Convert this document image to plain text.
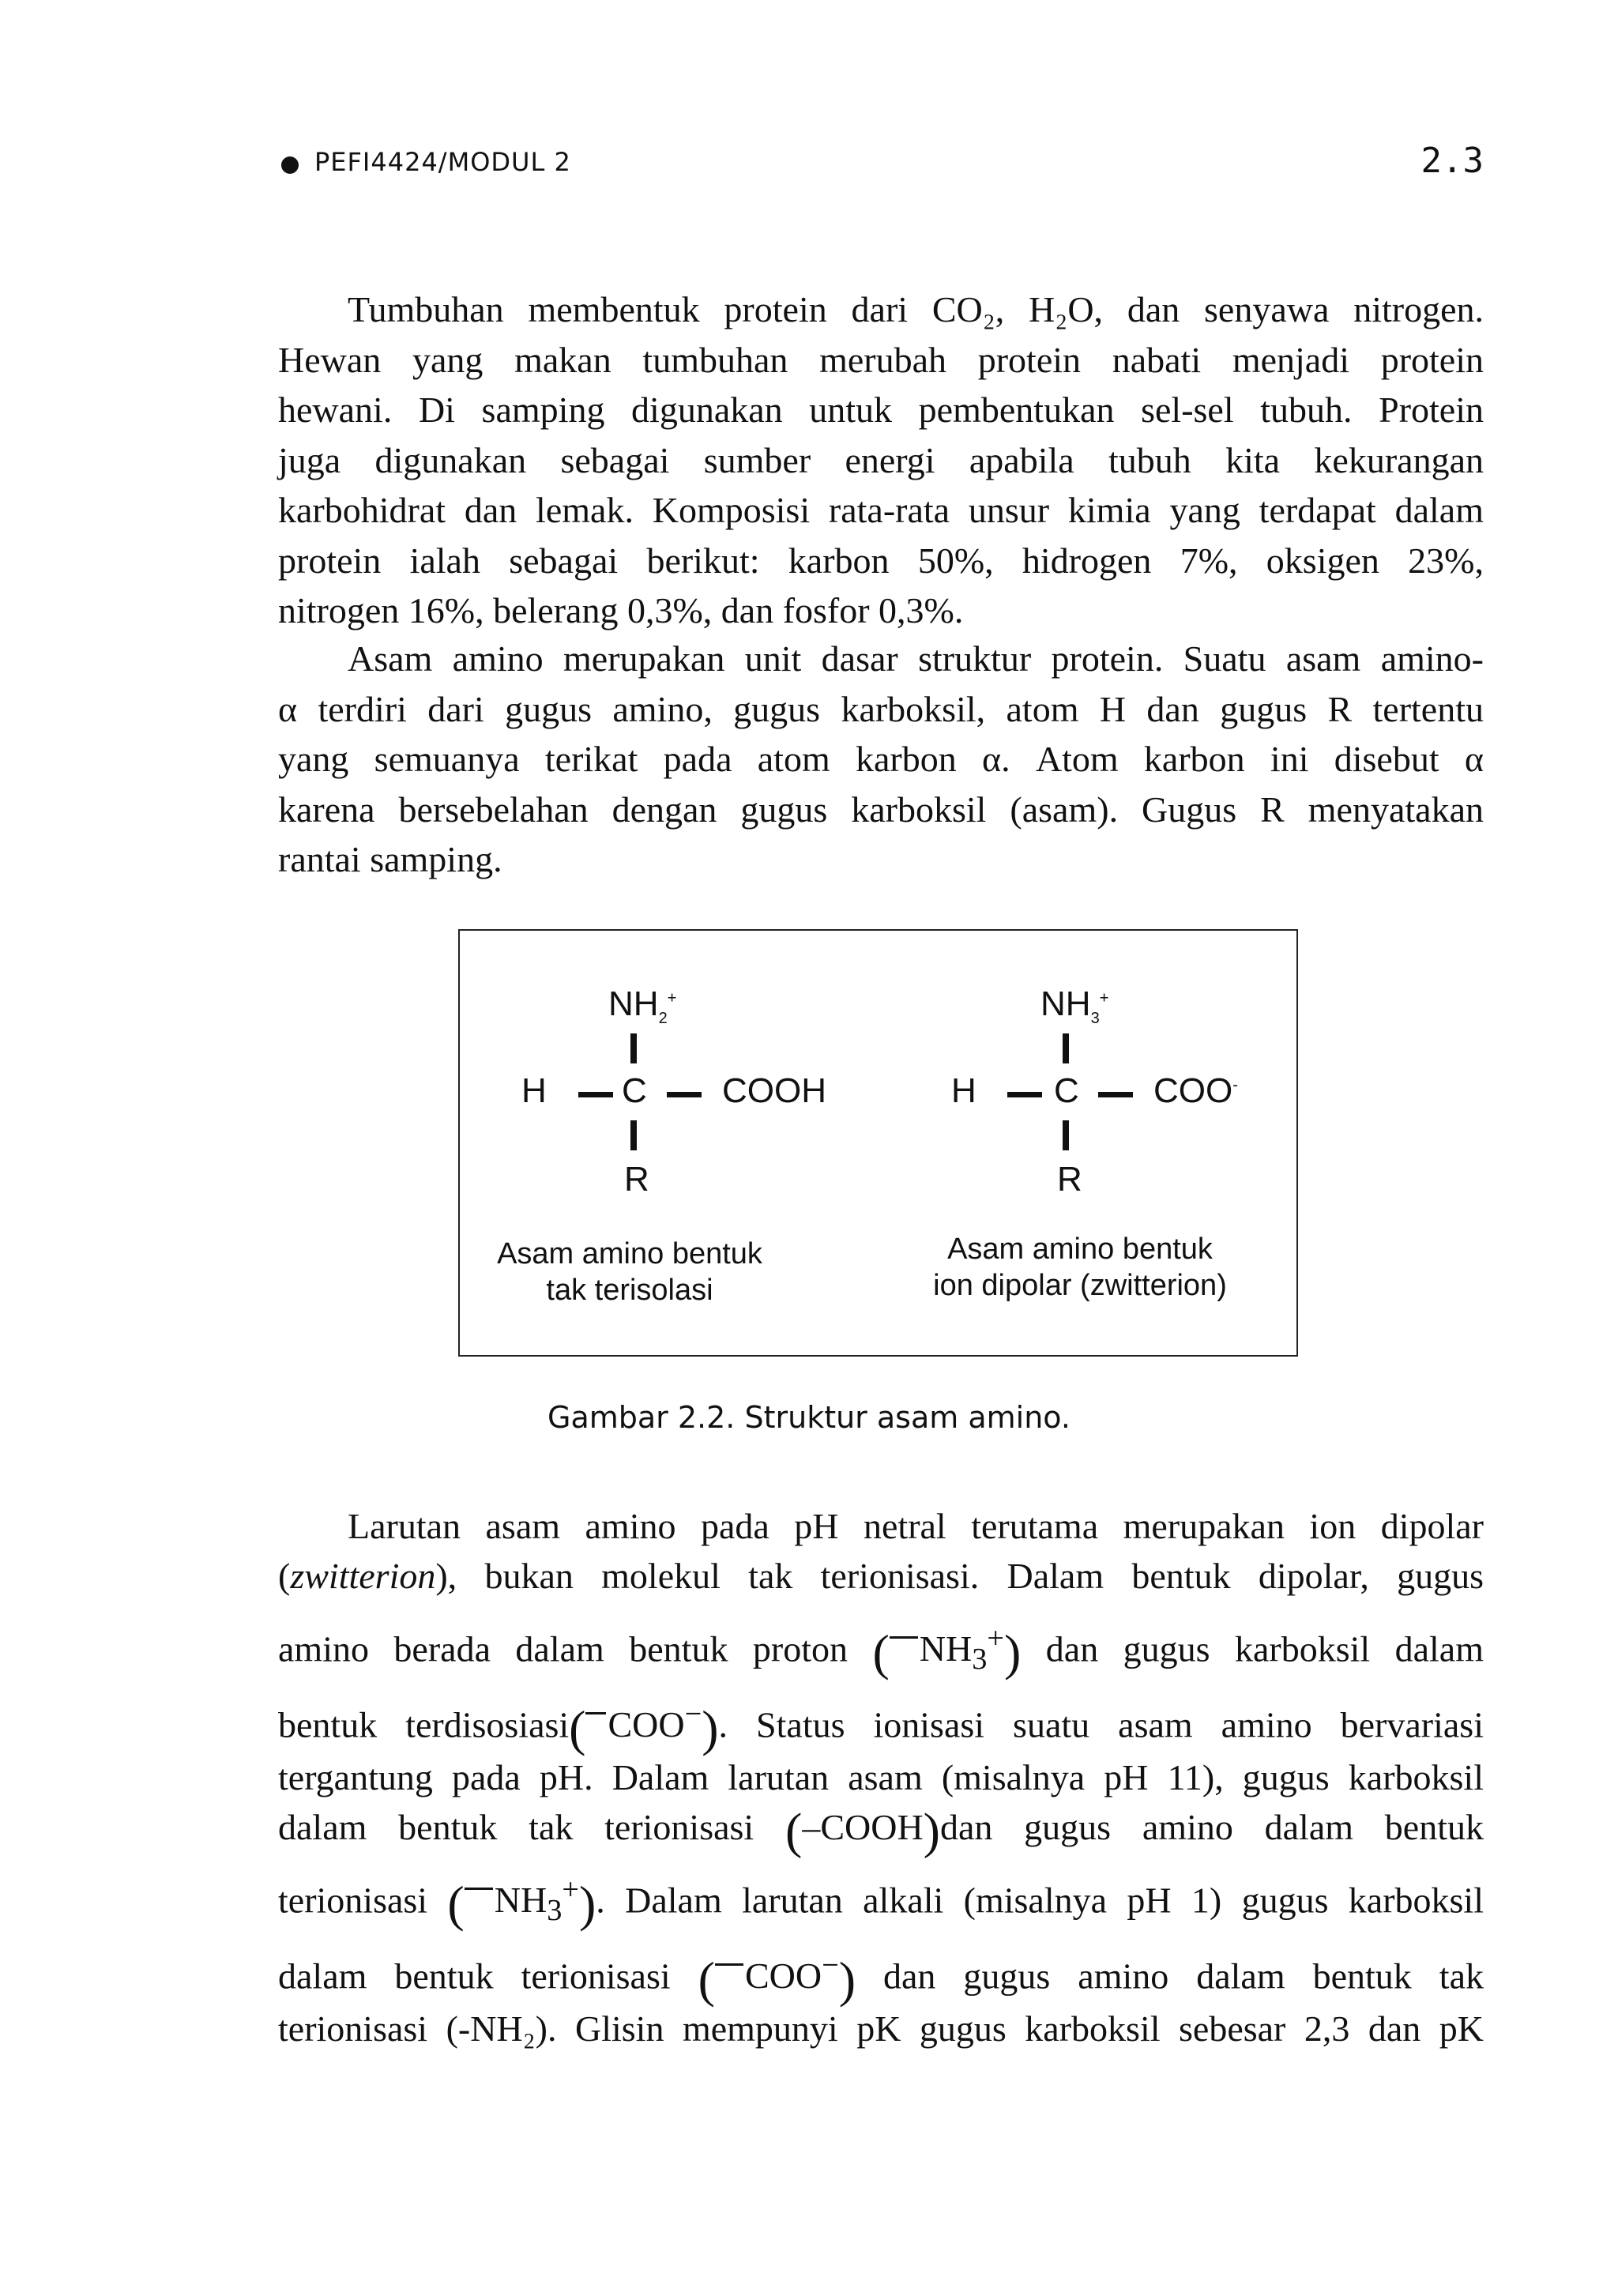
PEFI4424/MODUL 2	2.3
Tumbuhan membentuk protein dari CO₂, H₂O, dan senyawa nitrogen.
Hewan yang makan tumbuhan merubah protein nabati menjadi protein
hewani. Di samping digunakan untuk pembentukan sel-sel tubuh. Protein
juga digunakan sebagai sumber energi apabila tubuh kita kekurangan
karbohidrat dan lemak. Komposisi rata-rata unsur kimia yang terdapat dalam
protein ialah sebagai berikut: karbon 50%, hidrogen 7%, oksigen 23%,
nitrogen 16%, belerang 0,3%, dan fosfor 0,3%.
Asam amino merupakan unit dasar struktur protein. Suatu asam amino-
α terdiri dari gugus amino, gugus karboksil, atom H dan gugus R tertentu
yang semuanya terikat pada atom karbon α. Atom karbon ini disebut α
karena bersebelahan dengan gugus karboksil (asam). Gugus R menyatakan
rantai samping.
$NH_2^+$
H C COOH
R
Asam amino bentuk
tak terisolasi
$NH_3^+$
H C COO-
R
Asam amino bentuk
ion dipolar (zwitterion)
Gambar 2.2. Struktur asam amino.
Larutan asam amino pada pH netral terutama merupakan ion dipolar
(zwitterion), bukan molekul tak terionisasi. Dalam bentuk dipolar, gugus
amino berada dalam bentuk proton ( $NH_3^+$) dan gugus karboksil dalam
bentuk terdisosiasi( COO−). Status ionisasi suatu asam amino bervariasi
tergantung pada pH. Dalam larutan asam (misalnya pH 11), gugus karboksil
dalam bentuk tak terionisasi (–COOH)dan gugus amino dalam bentuk
terionisasi ( $NH_3^+$). Dalam larutan alkali (misalnya pH 1) gugus karboksil
dalam bentuk terionisasi ( COO−) dan gugus amino dalam bentuk tak
terionisasi (-NH₂). Glisin mempunyi pK gugus karboksil sebesar 2,3 dan pK
